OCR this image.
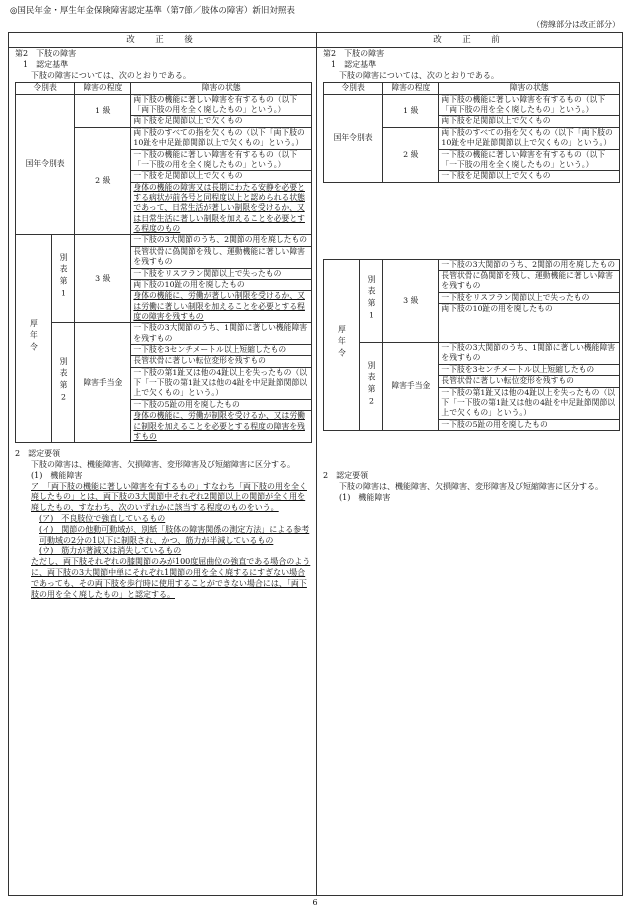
◎国民年金・厚生年金保険障害認定基準（第7節／肢体の障害）新旧対照表
（傍線部分は改正部分）
改　正　後	改　正　前
第2　下肢の障害
1　認定基準
下肢の障害については、次のとおりである。
令別表		障害の程度	障害の状態
国年令別表		1 級	両下肢の機能に著しい障害を有するもの（以下「両下肢の用を全く廃したもの」という。）
			両下肢を足関節以上で欠くもの
		2 級	両下肢のすべての指を欠くもの（以下「両下肢の10趾を中足趾節関節以上で欠くもの」という。）
			一下肢の機能に著しい障害を有するもの（以下「一下肢の用を全く廃したもの」という。）
			一下肢を足関節以上で欠くもの
			身体の機能の障害又は長期にわたる安静を必要とする病状が前各号と同程度以上と認められる状態であって、日常生活が著しい制限を受けるか、又は日常生活に著しい制限を加えることを必要とする程度のもの
厚年令	別表第1	3 級	一下肢の3大関節のうち、2関節の用を廃したもの
			長管状骨に偽関節を残し、運動機能に著しい障害を残すもの
			一下肢をリスフラン関節以上で失ったもの
			両下肢の10趾の用を廃したもの
			身体の機能に、労働が著しい制限を受けるか、又は労働に著しい制限を加えることを必要とする程度の障害を残すもの
	別表第2	障害手当金	一下肢の3大関節のうち、1関節に著しい機能障害を残すもの
			一下肢を3センチメートル以上短縮したもの
			長管状骨に著しい転位変形を残すもの
			一下肢の第1趾又は他の4趾以上を失ったもの（以下「一下肢の第1趾又は他の4趾を中足趾節関節以上で欠くもの」という。）
			一下肢の5趾の用を廃したもの
			身体の機能に、労働が制限を受けるか、又は労働に制限を加えることを必要とする程度の障害を残すもの
2　認定要領
下肢の障害は、機能障害、欠損障害、変形障害及び短縮障害に区分する。
(1)　機能障害
ア　「両下肢の機能に著しい障害を有するもの」すなわち「両下肢の用を全く廃したもの」とは、両下肢の3大関節中それぞれ2関節以上の関節が全く用を廃したもの、すなわち、次のいずれかに該当する程度のものをいう。
(ア)　不良肢位で強直しているもの
(イ)　関節の他動可動域が、別紙「肢体の障害関係の測定方法」による参考可動域の2分の1以下に制限され、かつ、筋力が半減しているもの
(ウ)　筋力が著減又は消失しているもの
ただし、両下肢それぞれの膝関節のみが100度屈曲位の強直である場合のように、両下肢の3大関節中単にそれぞれ1関節の用を全く廃するにすぎない場合であっても、その両下肢を歩行時に使用することができない場合には、「両下肢の用を全く廃したもの」と認定する。
第2　下肢の障害
1　認定基準
下肢の障害については、次のとおりである。
令別表		障害の程度	障害の状態
国年令別表		1 級	両下肢の機能に著しい障害を有するもの（以下「両下肢の用を全く廃したもの」という。）
			両下肢を足関節以上で欠くもの
		2 級	両下肢のすべての指を欠くもの（以下「両下肢の10趾を中足趾節関節以上で欠くもの」という。）
			一下肢の機能に著しい障害を有するもの（以下「一下肢の用を全く廃したもの」という。）
			一下肢を足関節以上で欠くもの

厚年令	別表第1	3 級	一下肢の3大関節のうち、2関節の用を廃したもの
			長管状骨に偽関節を残し、運動機能に著しい障害を残すもの
			一下肢をリスフラン関節以上で失ったもの
			両下肢の10趾の用を廃したもの
	別表第2	障害手当金	一下肢の3大関節のうち、1関節に著しい機能障害を残すもの
			一下肢を3センチメートル以上短縮したもの
			長管状骨に著しい転位変形を残すもの
			一下肢の第1趾又は他の4趾以上を失ったもの（以下「一下肢の第1趾又は他の4趾を中足趾節関節以上で欠くもの」という。）
			一下肢の5趾の用を廃したもの
2　認定要領
下肢の障害は、機能障害、欠損障害、変形障害及び短縮障害に区分する。
(1)　機能障害
6
